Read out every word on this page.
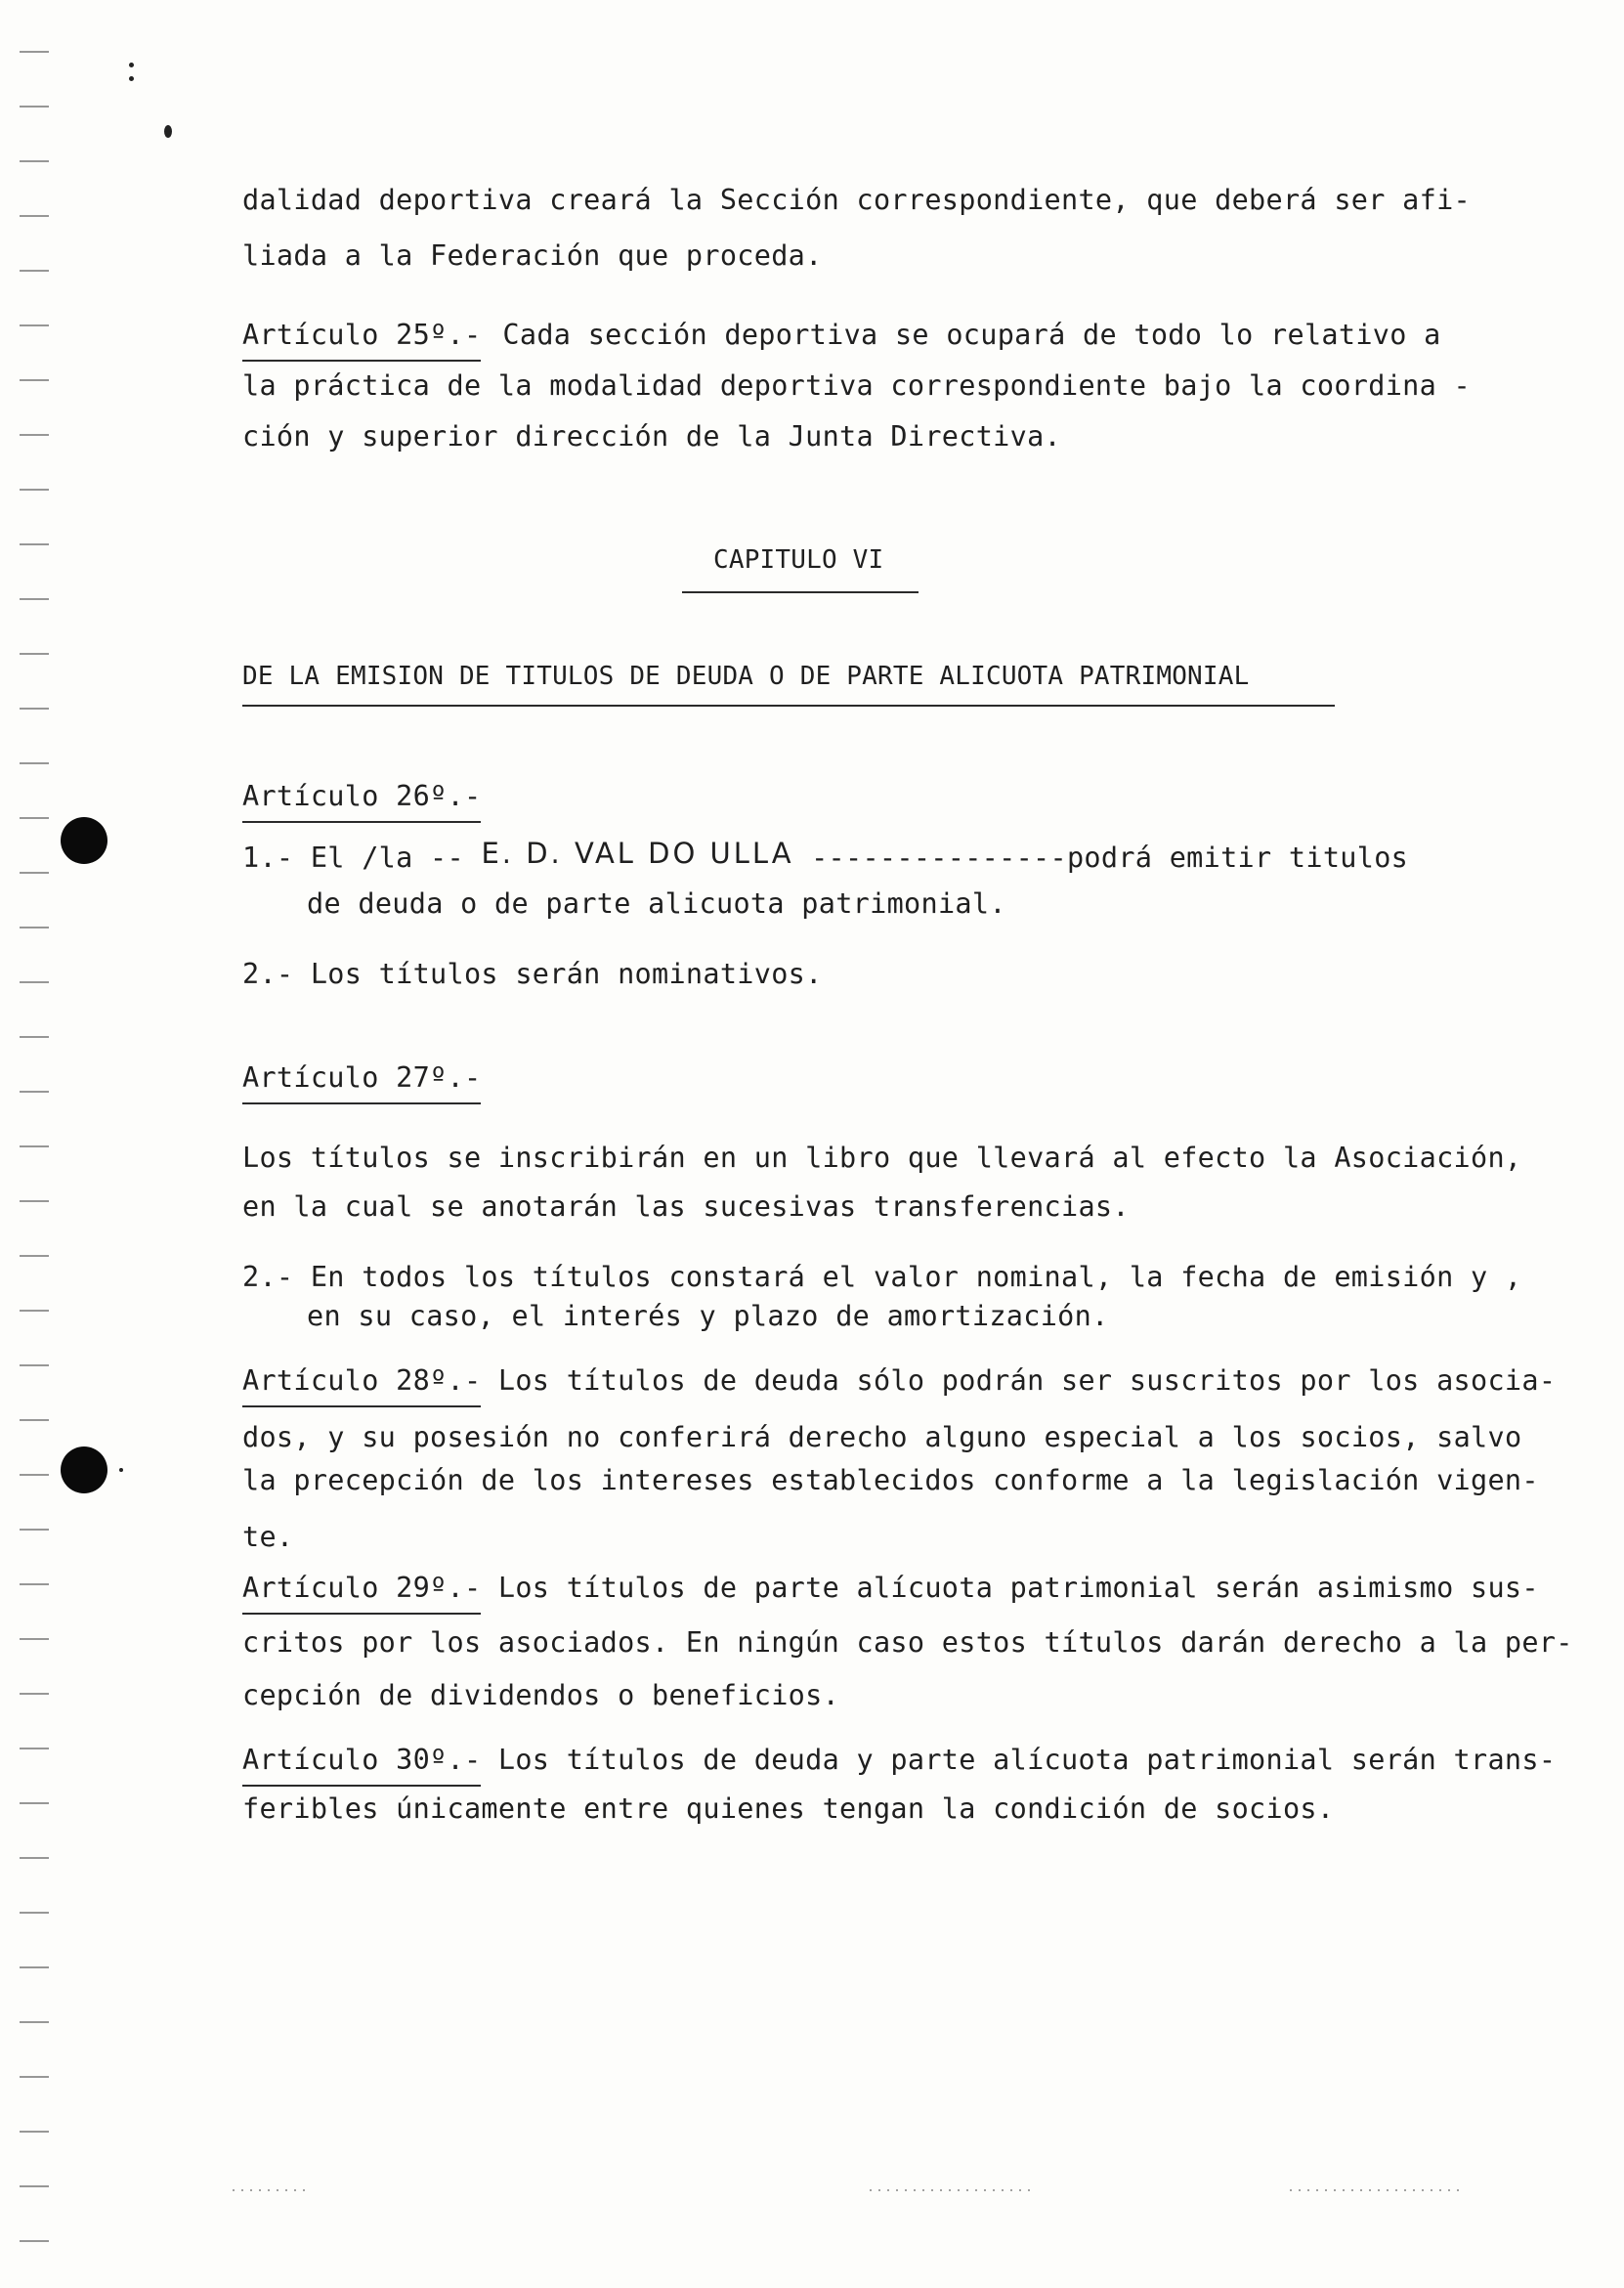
dalidad deportiva creará la Sección correspondiente, que deberá ser afi-
liada a la Federación que proceda.
Artículo 25º.- Cada sección deportiva se ocupará de todo lo relativo a
la práctica de la modalidad deportiva correspondiente bajo la coordina -
ción y superior dirección de la Junta Directiva.
CAPITULO VI
DE LA EMISION DE TITULOS DE DEUDA O DE PARTE ALICUOTA PATRIMONIAL
Artículo 26º.-
1.- El /la -- E. D. VAL DO ULLA ---------------podrá emitir titulos
de deuda o de parte alicuota patrimonial.
2.- Los títulos serán nominativos.
Artículo 27º.-
Los títulos se inscribirán en un libro que llevará al efecto la Asociación,
en la cual se anotarán las sucesivas transferencias.
2.- En todos los títulos constará el valor nominal, la fecha de emisión y ,
en su caso, el interés y plazo de amortización.
Artículo 28º.- Los títulos de deuda sólo podrán ser suscritos por los asocia-
dos, y su posesión no conferirá derecho alguno especial a los socios, salvo
la precepción de los intereses establecidos conforme a la legislación vigen-
te.
Artículo 29º.- Los títulos de parte alícuota patrimonial serán asimismo sus-
critos por los asociados. En ningún caso estos títulos darán derecho a la per-
cepción de dividendos o beneficios.
Artículo 30º.- Los títulos de deuda y parte alícuota patrimonial serán trans-
feribles únicamente entre quienes tengan la condición de socios.
